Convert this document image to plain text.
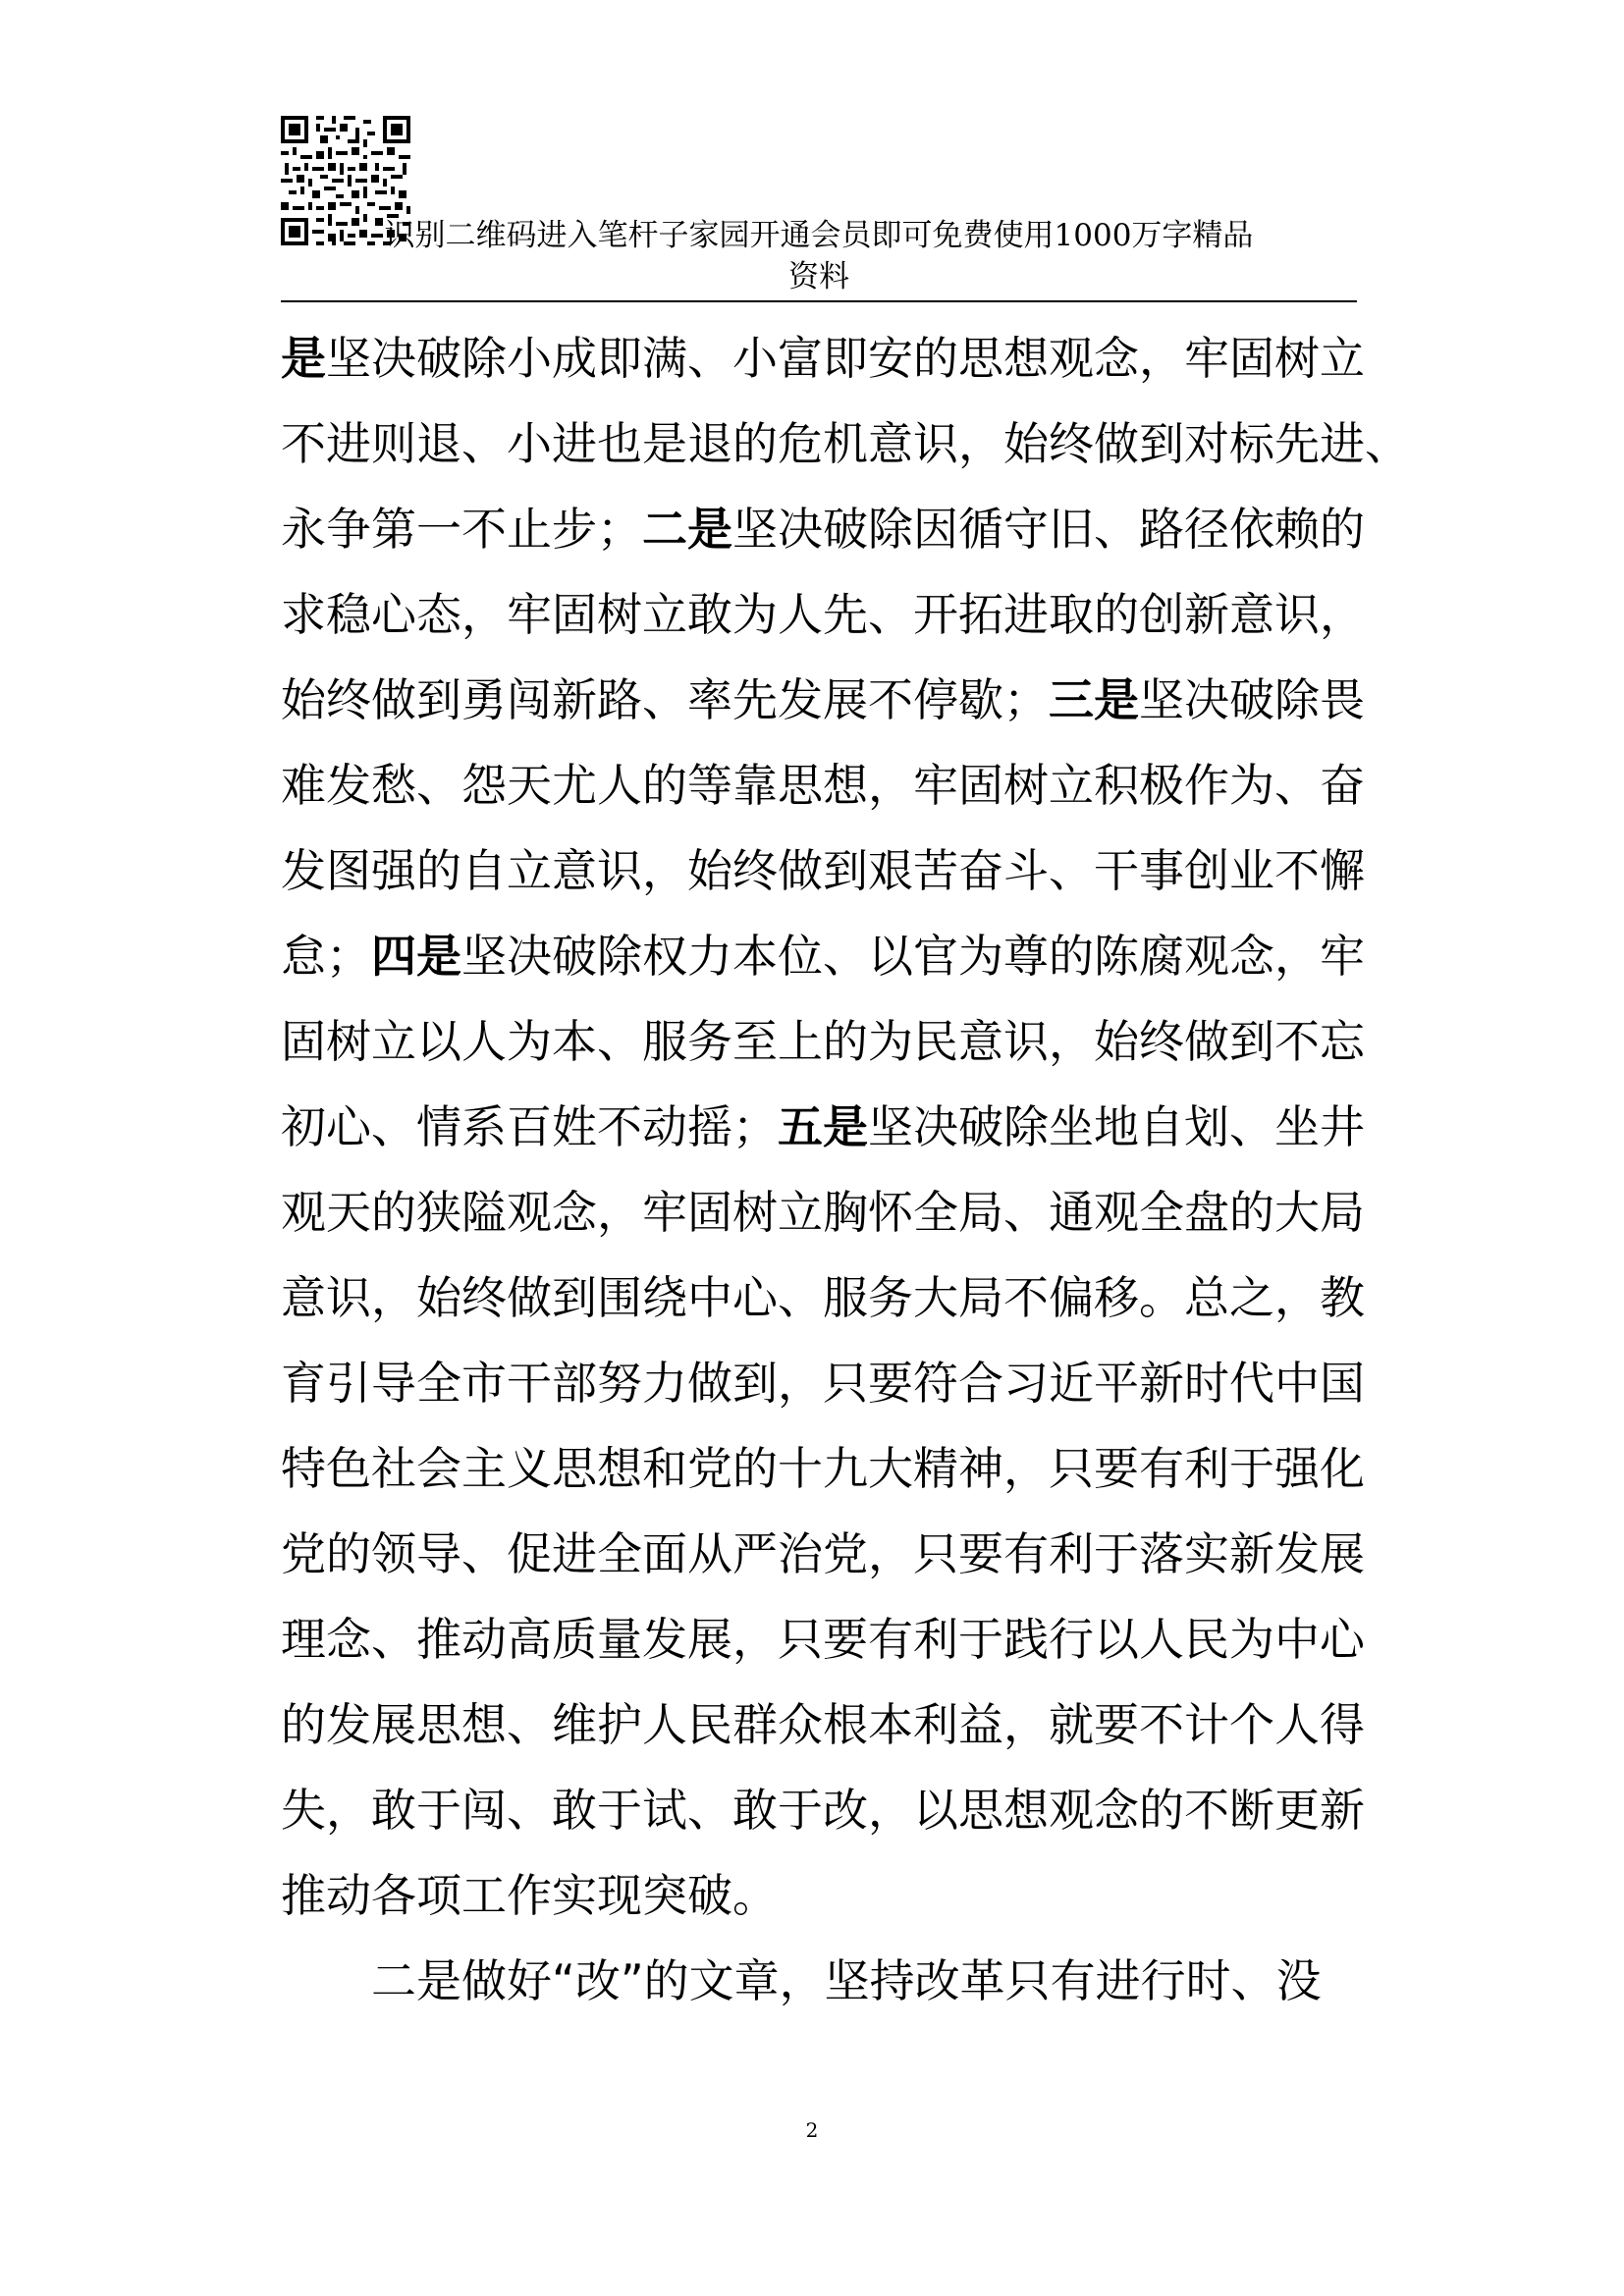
识别二维码进入笔杆子家园开通会员即可免费使用1000万字精品
资料

是坚决破除小成即满、小富即安的思想观念，牢固树立

不进则退、小进也是退的危机意识，始终做到对标先进、

永争第一不止步；二是坚决破除因循守旧、路径依赖的

求稳心态，牢固树立敢为人先、开拓进取的创新意识，

始终做到勇闯新路、率先发展不停歇；三是坚决破除畏

难发愁、怨天尤人的等靠思想，牢固树立积极作为、奋

发图强的自立意识，始终做到艰苦奋斗、干事创业不懈

怠；四是坚决破除权力本位、以官为尊的陈腐观念，牢

固树立以人为本、服务至上的为民意识，始终做到不忘

初心、情系百姓不动摇；五是坚决破除坐地自划、坐井

观天的狭隘观念，牢固树立胸怀全局、通观全盘的大局

意识，始终做到围绕中心、服务大局不偏移。总之，教

育引导全市干部努力做到，只要符合习近平新时代中国

特色社会主义思想和党的十九大精神，只要有利于强化

党的领导、促进全面从严治党，只要有利于落实新发展

理念、推动高质量发展，只要有利于践行以人民为中心

的发展思想、维护人民群众根本利益，就要不计个人得

失，敢于闯、敢于试、敢于改，以思想观念的不断更新

推动各项工作实现突破。

　　二是做好“改”的文章，坚持改革只有进行时、没

2
